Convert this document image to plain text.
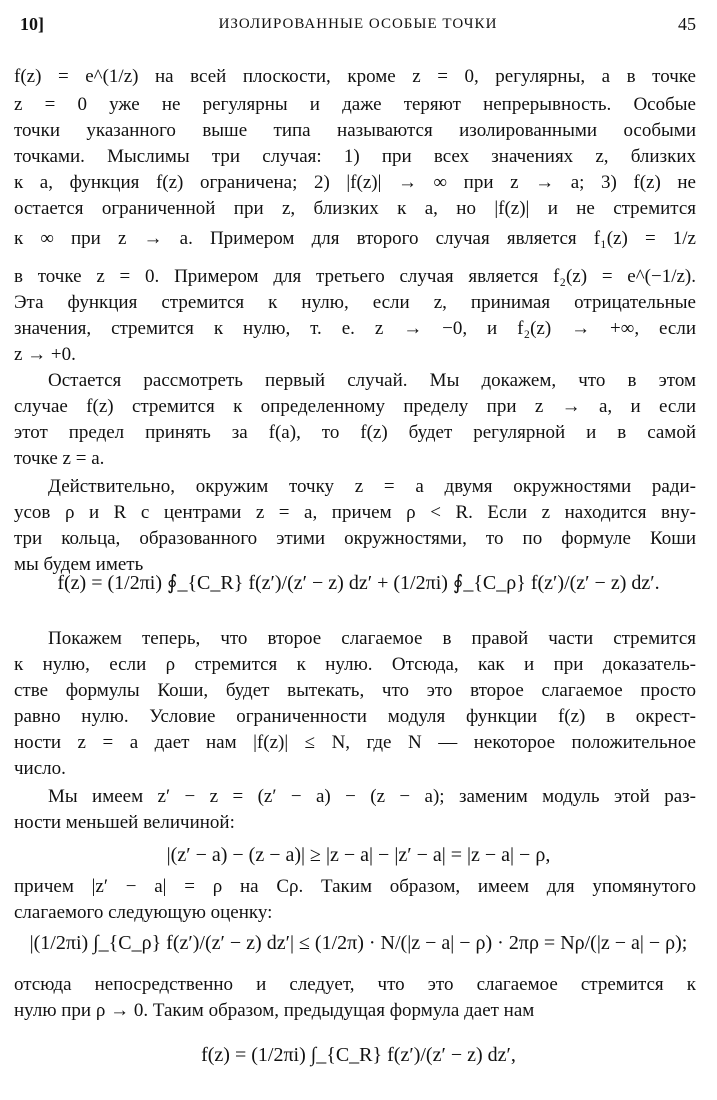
10]	ИЗОЛИРОВАННЫЕ ОСОБЫЕ ТОЧКИ	45
f(z) = e^(1/z) на всей плоскости, кроме z = 0, регулярны, а в точке
z = 0 уже не регулярны и даже теряют непрерывность. Особые
точки указанного выше типа называются изолированными особыми
точками. Мыслимы три случая: 1) при всех значениях z, близких
к a, функция f(z) ограничена; 2) |f(z)| → ∞ при z → a; 3) f(z) не
остается ограниченной при z, близких к a, но |f(z)| и не стремится
к ∞ при z → a. Примером для второго случая является f₁(z) = 1/z
в точке z = 0. Примером для третьего случая является f₂(z) = e^(−1/z).
Эта функция стремится к нулю, если z, принимая отрицательные
значения, стремится к нулю, т. е. z → −0, и f₂(z) → +∞, если
z → +0.
Остается рассмотреть первый случай. Мы докажем, что в этом
случае f(z) стремится к определенному пределу при z → a, и если
этот предел принять за f(a), то f(z) будет регулярной и в самой
точке z = a.
Действительно, окружим точку z = a двумя окружностями ради-
усов ρ и R с центрами z = a, причем ρ < R. Если z находится вну-
три кольца, образованного этими окружностями, то по формуле Коши
мы будем иметь
f(z) = (1/2πi) ∮_{C_R} f(z′)/(z′ − z) dz′ + (1/2πi) ∮_{C_ρ} f(z′)/(z′ − z) dz′.
Покажем теперь, что второе слагаемое в правой части стремится
к нулю, если ρ стремится к нулю. Отсюда, как и при доказатель-
стве формулы Коши, будет вытекать, что это второе слагаемое просто
равно нулю. Условие ограниченности модуля функции f(z) в окрест-
ности z = a дает нам |f(z)| ≤ N, где N — некоторое положительное
число.
Мы имеем z′ − z = (z′ − a) − (z − a); заменим модуль этой раз-
ности меньшей величиной:
|(z′ − a) − (z − a)| ≥ |z − a| − |z′ − a| = |z − a| − ρ,
причем |z′ − a| = ρ на Cρ. Таким образом, имеем для упомянутого
слагаемого следующую оценку:
|(1/2πi) ∫_{C_ρ} f(z′)/(z′ − z) dz′| ≤ (1/2π) · N/(|z − a| − ρ) · 2πρ = Nρ/(|z − a| − ρ);
отсюда непосредственно и следует, что это слагаемое стремится к
нулю при ρ → 0. Таким образом, предыдущая формула дает нам
f(z) = (1/2πi) ∫_{C_R} f(z′)/(z′ − z) dz′,
